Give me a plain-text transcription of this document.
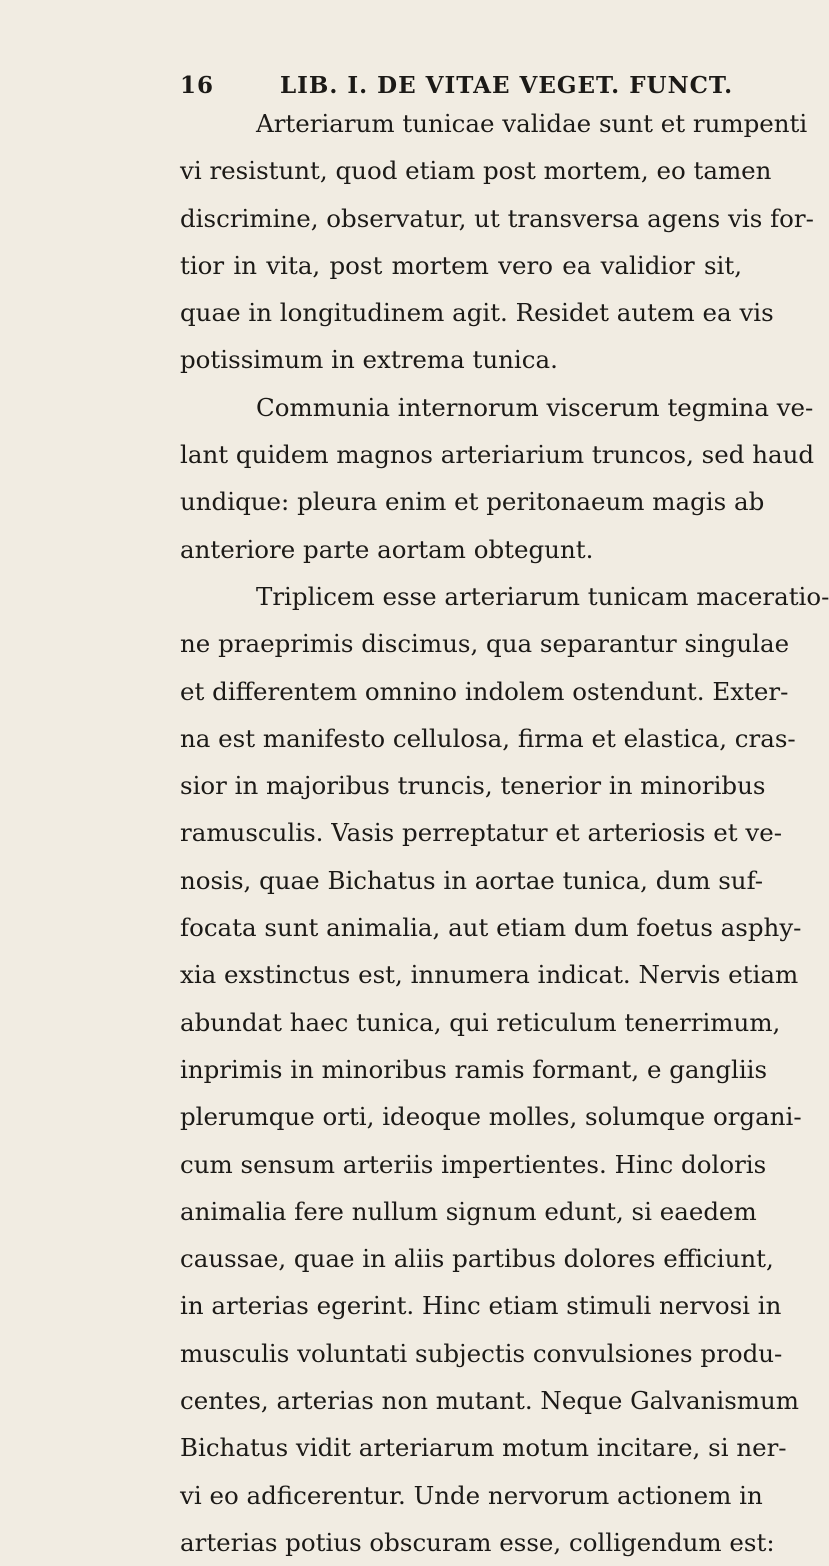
16	LIB. I. DE VITAE VEGET. FUNCT.
Arteriarum tunicae validae sunt et rumpenti
vi resistunt, quod etiam post mortem, eo tamen
discrimine, observatur, ut transversa agens vis for-
tior in vita, post mortem vero ea validior sit,
quae in longitudinem agit. Residet autem ea vis
potissimum in extrema tunica.
Communia internorum viscerum tegmina ve-
lant quidem magnos arteriarium truncos, sed haud
undique: pleura enim et peritonaeum magis ab
anteriore parte aortam obtegunt.
Triplicem esse arteriarum tunicam maceratio-
ne praeprimis discimus, qua separantur singulae
et differentem omnino indolem ostendunt. Exter-
na est manifesto cellulosa, firma et elastica, cras-
sior in majoribus truncis, tenerior in minoribus
ramusculis. Vasis perreptatur et arteriosis et ve-
nosis, quae Bichatus in aortae tunica, dum suf-
focata sunt animalia, aut etiam dum foetus asphy-
xia exstinctus est, innumera indicat. Nervis etiam
abundat haec tunica, qui reticulum tenerrimum,
inprimis in minoribus ramis formant, e gangliis
plerumque orti, ideoque molles, solumque organi-
cum sensum arteriis impertientes. Hinc doloris
animalia fere nullum signum edunt, si eaedem
caussae, quae in aliis partibus dolores efficiunt,
in arterias egerint. Hinc etiam stimuli nervosi in
musculis voluntati subjectis convulsiones produ-
centes, arterias non mutant. Neque Galvanismum
Bichatus vidit arteriarum motum incitare, si ner-
vi eo adficerentur. Unde nervorum actionem in
arterias potius obscuram esse, colligendum est:
